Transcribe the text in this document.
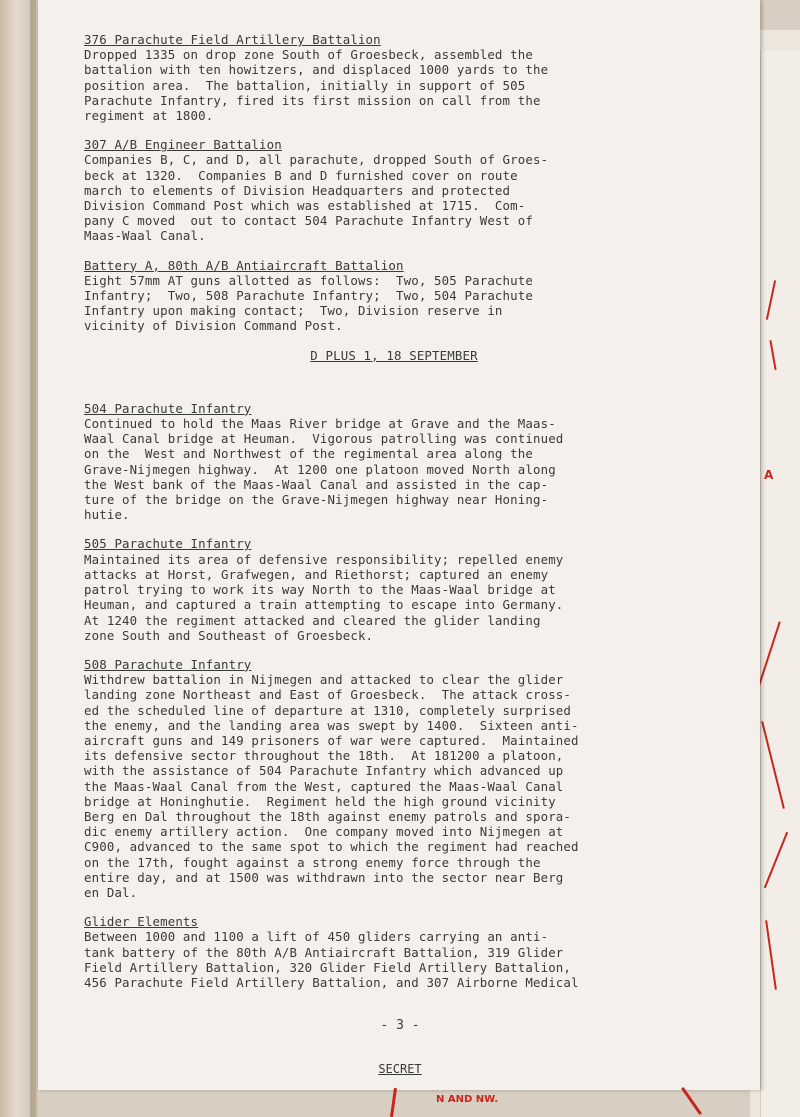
A
376 Parachute Field Artillery Battalion
Dropped 1335 on drop zone South of Groesbeck, assembled the
battalion with ten howitzers, and displaced 1000 yards to the
position area.  The battalion, initially in support of 505
Parachute Infantry, fired its first mission on call from the
regiment at 1800.
307 A/B Engineer Battalion
Companies B, C, and D, all parachute, dropped South of Groes-
beck at 1320.  Companies B and D furnished cover on route
march to elements of Division Headquarters and protected
Division Command Post which was established at 1715.  Com-
pany C moved  out to contact 504 Parachute Infantry West of
Maas-Waal Canal.
Battery A, 80th A/B Antiaircraft Battalion
Eight 57mm AT guns allotted as follows:  Two, 505 Parachute
Infantry;  Two, 508 Parachute Infantry;  Two, 504 Parachute
Infantry upon making contact;  Two, Division reserve in
vicinity of Division Command Post.
D PLUS 1, 18 SEPTEMBER
504 Parachute Infantry
Continued to hold the Maas River bridge at Grave and the Maas-
Waal Canal bridge at Heuman.  Vigorous patrolling was continued
on the  West and Northwest of the regimental area along the
Grave-Nijmegen highway.  At 1200 one platoon moved North along
the West bank of the Maas-Waal Canal and assisted in the cap-
ture of the bridge on the Grave-Nijmegen highway near Honing-
hutie.
505 Parachute Infantry
Maintained its area of defensive responsibility; repelled enemy
attacks at Horst, Grafwegen, and Riethorst; captured an enemy
patrol trying to work its way North to the Maas-Waal bridge at
Heuman, and captured a train attempting to escape into Germany.
At 1240 the regiment attacked and cleared the glider landing
zone South and Southeast of Groesbeck.
508 Parachute Infantry
Withdrew battalion in Nijmegen and attacked to clear the glider
landing zone Northeast and East of Groesbeck.  The attack cross-
ed the scheduled line of departure at 1310, completely surprised
the enemy, and the landing area was swept by 1400.  Sixteen anti-
aircraft guns and 149 prisoners of war were captured.  Maintained
its defensive sector throughout the 18th.  At 181200 a platoon,
with the assistance of 504 Parachute Infantry which advanced up
the Maas-Waal Canal from the West, captured the Maas-Waal Canal
bridge at Honinghutie.  Regiment held the high ground vicinity
Berg en Dal throughout the 18th against enemy patrols and spora-
dic enemy artillery action.  One company moved into Nijmegen at
C900, advanced to the same spot to which the regiment had reached
on the 17th, fought against a strong enemy force through the
entire day, and at 1500 was withdrawn into the sector near Berg
en Dal.
Glider Elements
Between 1000 and 1100 a lift of 450 gliders carrying an anti-
tank battery of the 80th A/B Antiaircraft Battalion, 319 Glider
Field Artillery Battalion, 320 Glider Field Artillery Battalion,
456 Parachute Field Artillery Battalion, and 307 Airborne Medical
- 3 -
SECRET
N AND NW.
